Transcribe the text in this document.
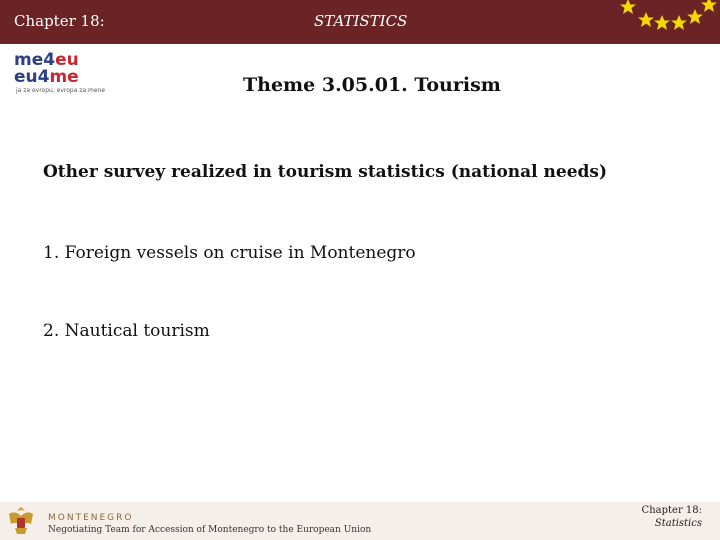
Chapter 18:	STATISTICS
me4eu
eu4me
ja za evropu, evropa za mene	Theme 3.05.01. Tourism
Other survey realized in tourism statistics (national needs)
1. Foreign vessels on cruise in Montenegro
2. Nautical tourism
MONTENEGRO
Negotiating Team for Accession of Montenegro to the European Union
Chapter 18:
Statistics
